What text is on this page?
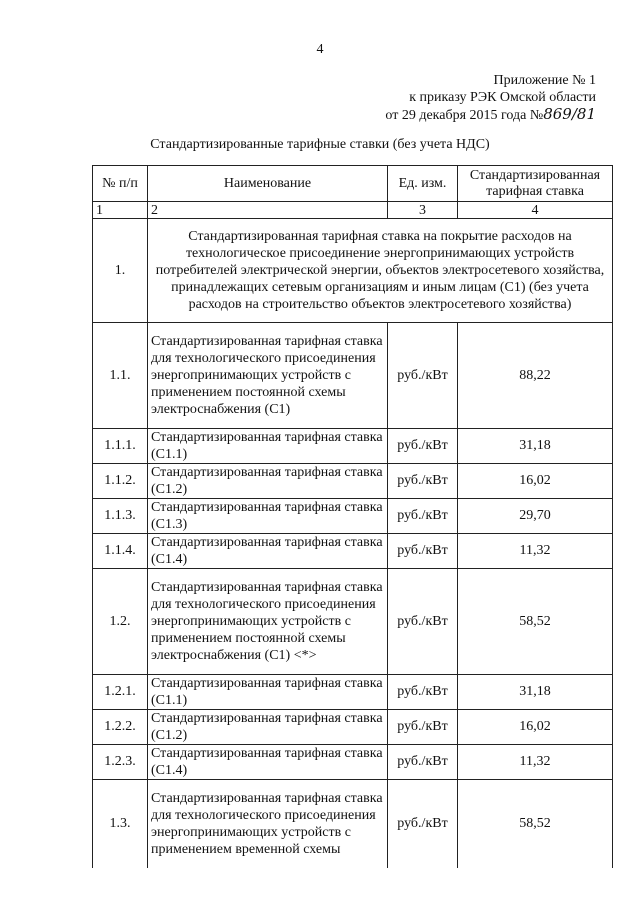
4
Приложение № 1
к приказу РЭК Омской области
от 29 декабря 2015 года №869/81
Стандартизированные тарифные ставки (без учета НДС)
№ п/п	Наименование	Ед. изм.	Стандартизированная тарифная ставка
1	2	3	4
1.	Стандартизированная тарифная ставка на покрытие расходов на технологическое присоединение энергопринимающих устройств потребителей электрической энергии, объектов электросетевого хозяйства, принадлежащих сетевым организациям и иным лицам (С1) (без учета расходов на строительство объектов электросетевого хозяйства)		
1.1.	Стандартизированная тарифная ставка для технологического присоединения энергопринимающих устройств с применением постоянной схемы электроснабжения (С1)	руб./кВт	88,22
1.1.1.	Стандартизированная тарифная ставка (С1.1)	руб./кВт	31,18
1.1.2.	Стандартизированная тарифная ставка (С1.2)	руб./кВт	16,02
1.1.3.	Стандартизированная тарифная ставка (С1.3)	руб./кВт	29,70
1.1.4.	Стандартизированная тарифная ставка (С1.4)	руб./кВт	11,32
1.2.	Стандартизированная тарифная ставка для технологического присоединения энергопринимающих устройств с применением постоянной схемы электроснабжения (С1) <*>	руб./кВт	58,52
1.2.1.	Стандартизированная тарифная ставка (С1.1)	руб./кВт	31,18
1.2.2.	Стандартизированная тарифная ставка (С1.2)	руб./кВт	16,02
1.2.3.	Стандартизированная тарифная ставка (С1.4)	руб./кВт	11,32
1.3.	Стандартизированная тарифная ставка для технологического присоединения энергопринимающих устройств с применением временной схемы	руб./кВт	58,52
